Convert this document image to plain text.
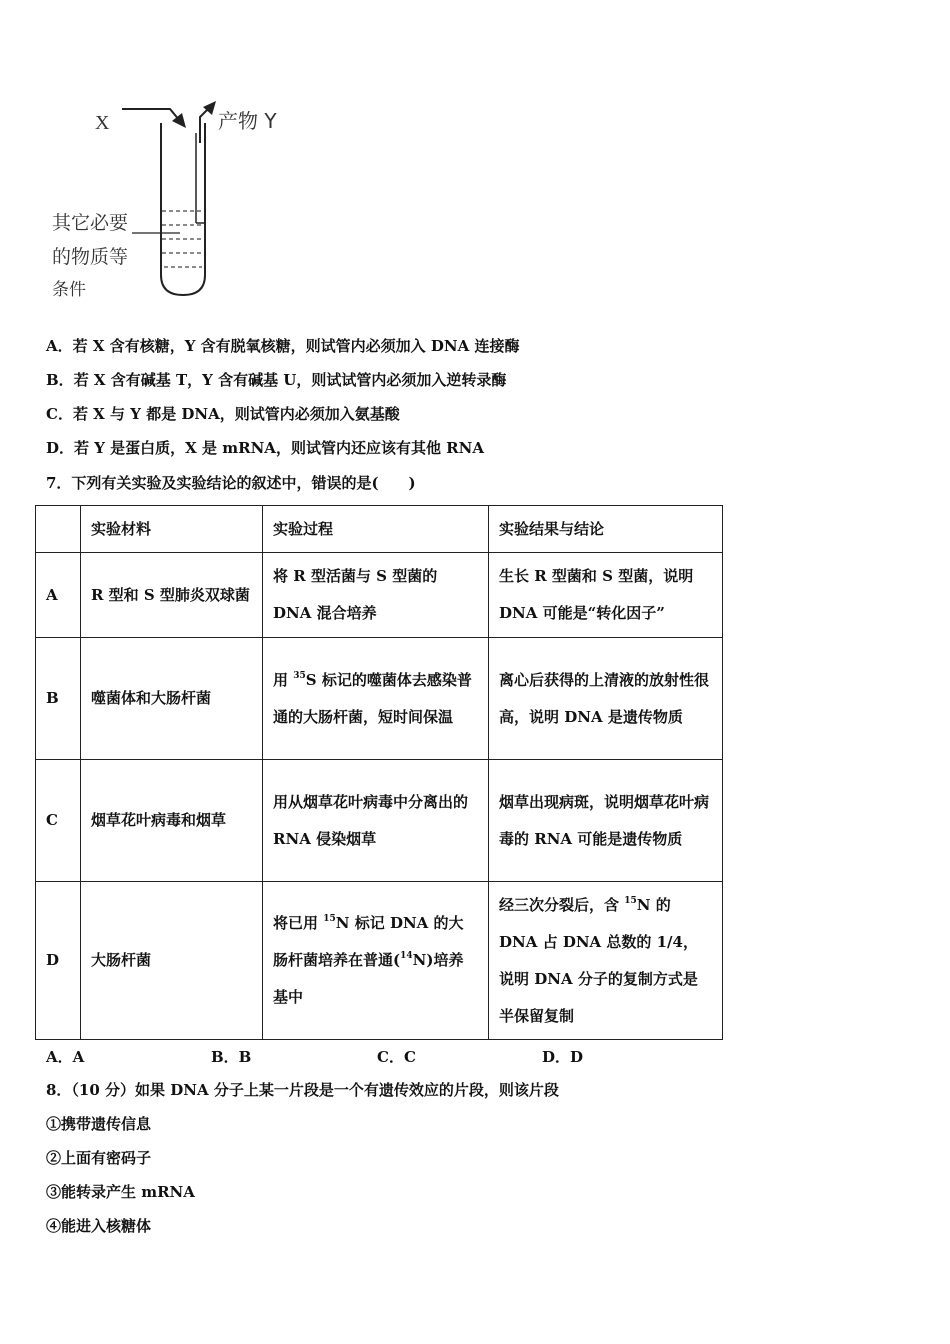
X	产物 Y
其它必要
的物质等
条件
A．若 X 含有核糖，Y 含有脱氧核糖，则试管内必须加入 DNA 连接酶
B．若 X 含有碱基 T，Y 含有碱基 U，则试试管内必须加入逆转录酶
C．若 X 与 Y 都是 DNA，则试管内必须加入氨基酸
D．若 Y 是蛋白质，X 是 mRNA，则试管内还应该有其他 RNA
7．下列有关实验及实验结论的叙述中，错误的是(　　)
	实验材料	实验过程	实验结果与结论
A	R 型和 S 型肺炎双球菌	将 R 型活菌与 S 型菌的 DNA 混合培养	生长 R 型菌和 S 型菌，说明 DNA 可能是“转化因子”
B	噬菌体和大肠杆菌	用 $^{35}$S 标记的噬菌体去感染普通的大肠杆菌，短时间保温	离心后获得的上清液的放射性很高，说明 DNA 是遗传物质
C	烟草花叶病毒和烟草	用从烟草花叶病毒中分离出的 RNA 侵染烟草	烟草出现病斑，说明烟草花叶病毒的 RNA 可能是遗传物质
D	大肠杆菌	将已用 $^{15}$N 标记 DNA 的大肠杆菌培养在普通($^{14}$N)培养基中	经三次分裂后，含 $^{15}$N 的 DNA 占 DNA 总数的 1/4，说明 DNA 分子的复制方式是半保留复制
A．A	B．B	C．C	D．D
8．（10 分）如果 DNA 分子上某一片段是一个有遗传效应的片段，则该片段
①携带遗传信息
②上面有密码子
③能转录产生 mRNA
④能进入核糖体
